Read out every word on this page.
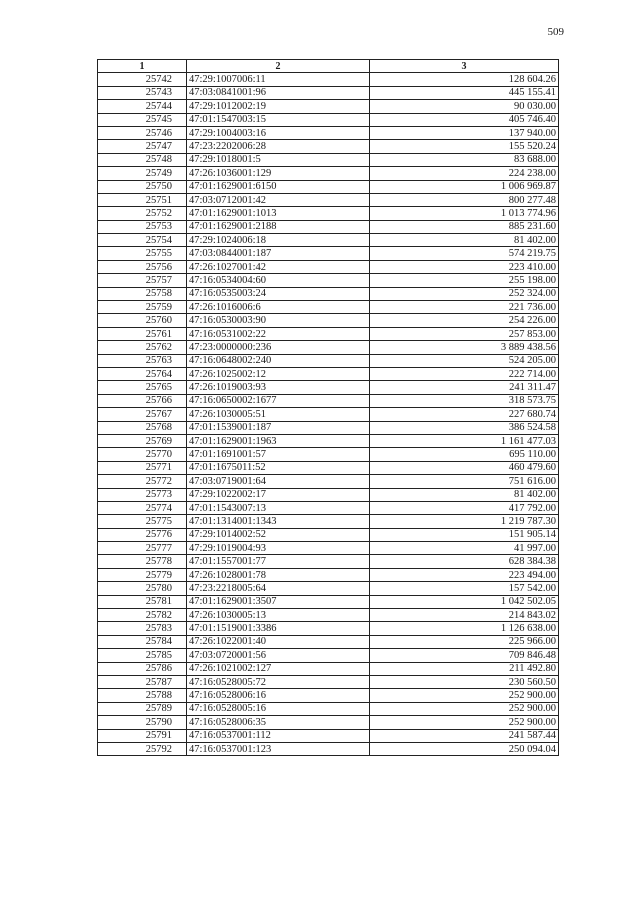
509
1	2	3
25742	47:29:1007006:11	128 604.26
25743	47:03:0841001:96	445 155.41
25744	47:29:1012002:19	90 030.00
25745	47:01:1547003:15	405 746.40
25746	47:29:1004003:16	137 940.00
25747	47:23:2202006:28	155 520.24
25748	47:29:1018001:5	83 688.00
25749	47:26:1036001:129	224 238.00
25750	47:01:1629001:6150	1 006 969.87
25751	47:03:0712001:42	800 277.48
25752	47:01:1629001:1013	1 013 774.96
25753	47:01:1629001:2188	885 231.60
25754	47:29:1024006:18	81 402.00
25755	47:03:0844001:187	574 219.75
25756	47:26:1027001:42	223 410.00
25757	47:16:0534004:60	255 198.00
25758	47:16:0535003:24	252 324.00
25759	47:26:1016006:6	221 736.00
25760	47:16:0530003:90	254 226.00
25761	47:16:0531002:22	257 853.00
25762	47:23:0000000:236	3 889 438.56
25763	47:16:0648002:240	524 205.00
25764	47:26:1025002:12	222 714.00
25765	47:26:1019003:93	241 311.47
25766	47:16:0650002:1677	318 573.75
25767	47:26:1030005:51	227 680.74
25768	47:01:1539001:187	386 524.58
25769	47:01:1629001:1963	1 161 477.03
25770	47:01:1691001:57	695 110.00
25771	47:01:1675011:52	460 479.60
25772	47:03:0719001:64	751 616.00
25773	47:29:1022002:17	81 402.00
25774	47:01:1543007:13	417 792.00
25775	47:01:1314001:1343	1 219 787.30
25776	47:29:1014002:52	151 905.14
25777	47:29:1019004:93	41 997.00
25778	47:01:1557001:77	628 384.38
25779	47:26:1028001:78	223 494.00
25780	47:23:2218005:64	157 542.00
25781	47:01:1629001:3507	1 042 502.05
25782	47:26:1030005:13	214 843.02
25783	47:01:1519001:3386	1 126 638.00
25784	47:26:1022001:40	225 966.00
25785	47:03:0720001:56	709 846.48
25786	47:26:1021002:127	211 492.80
25787	47:16:0528005:72	230 560.50
25788	47:16:0528006:16	252 900.00
25789	47:16:0528005:16	252 900.00
25790	47:16:0528006:35	252 900.00
25791	47:16:0537001:112	241 587.44
25792	47:16:0537001:123	250 094.04
